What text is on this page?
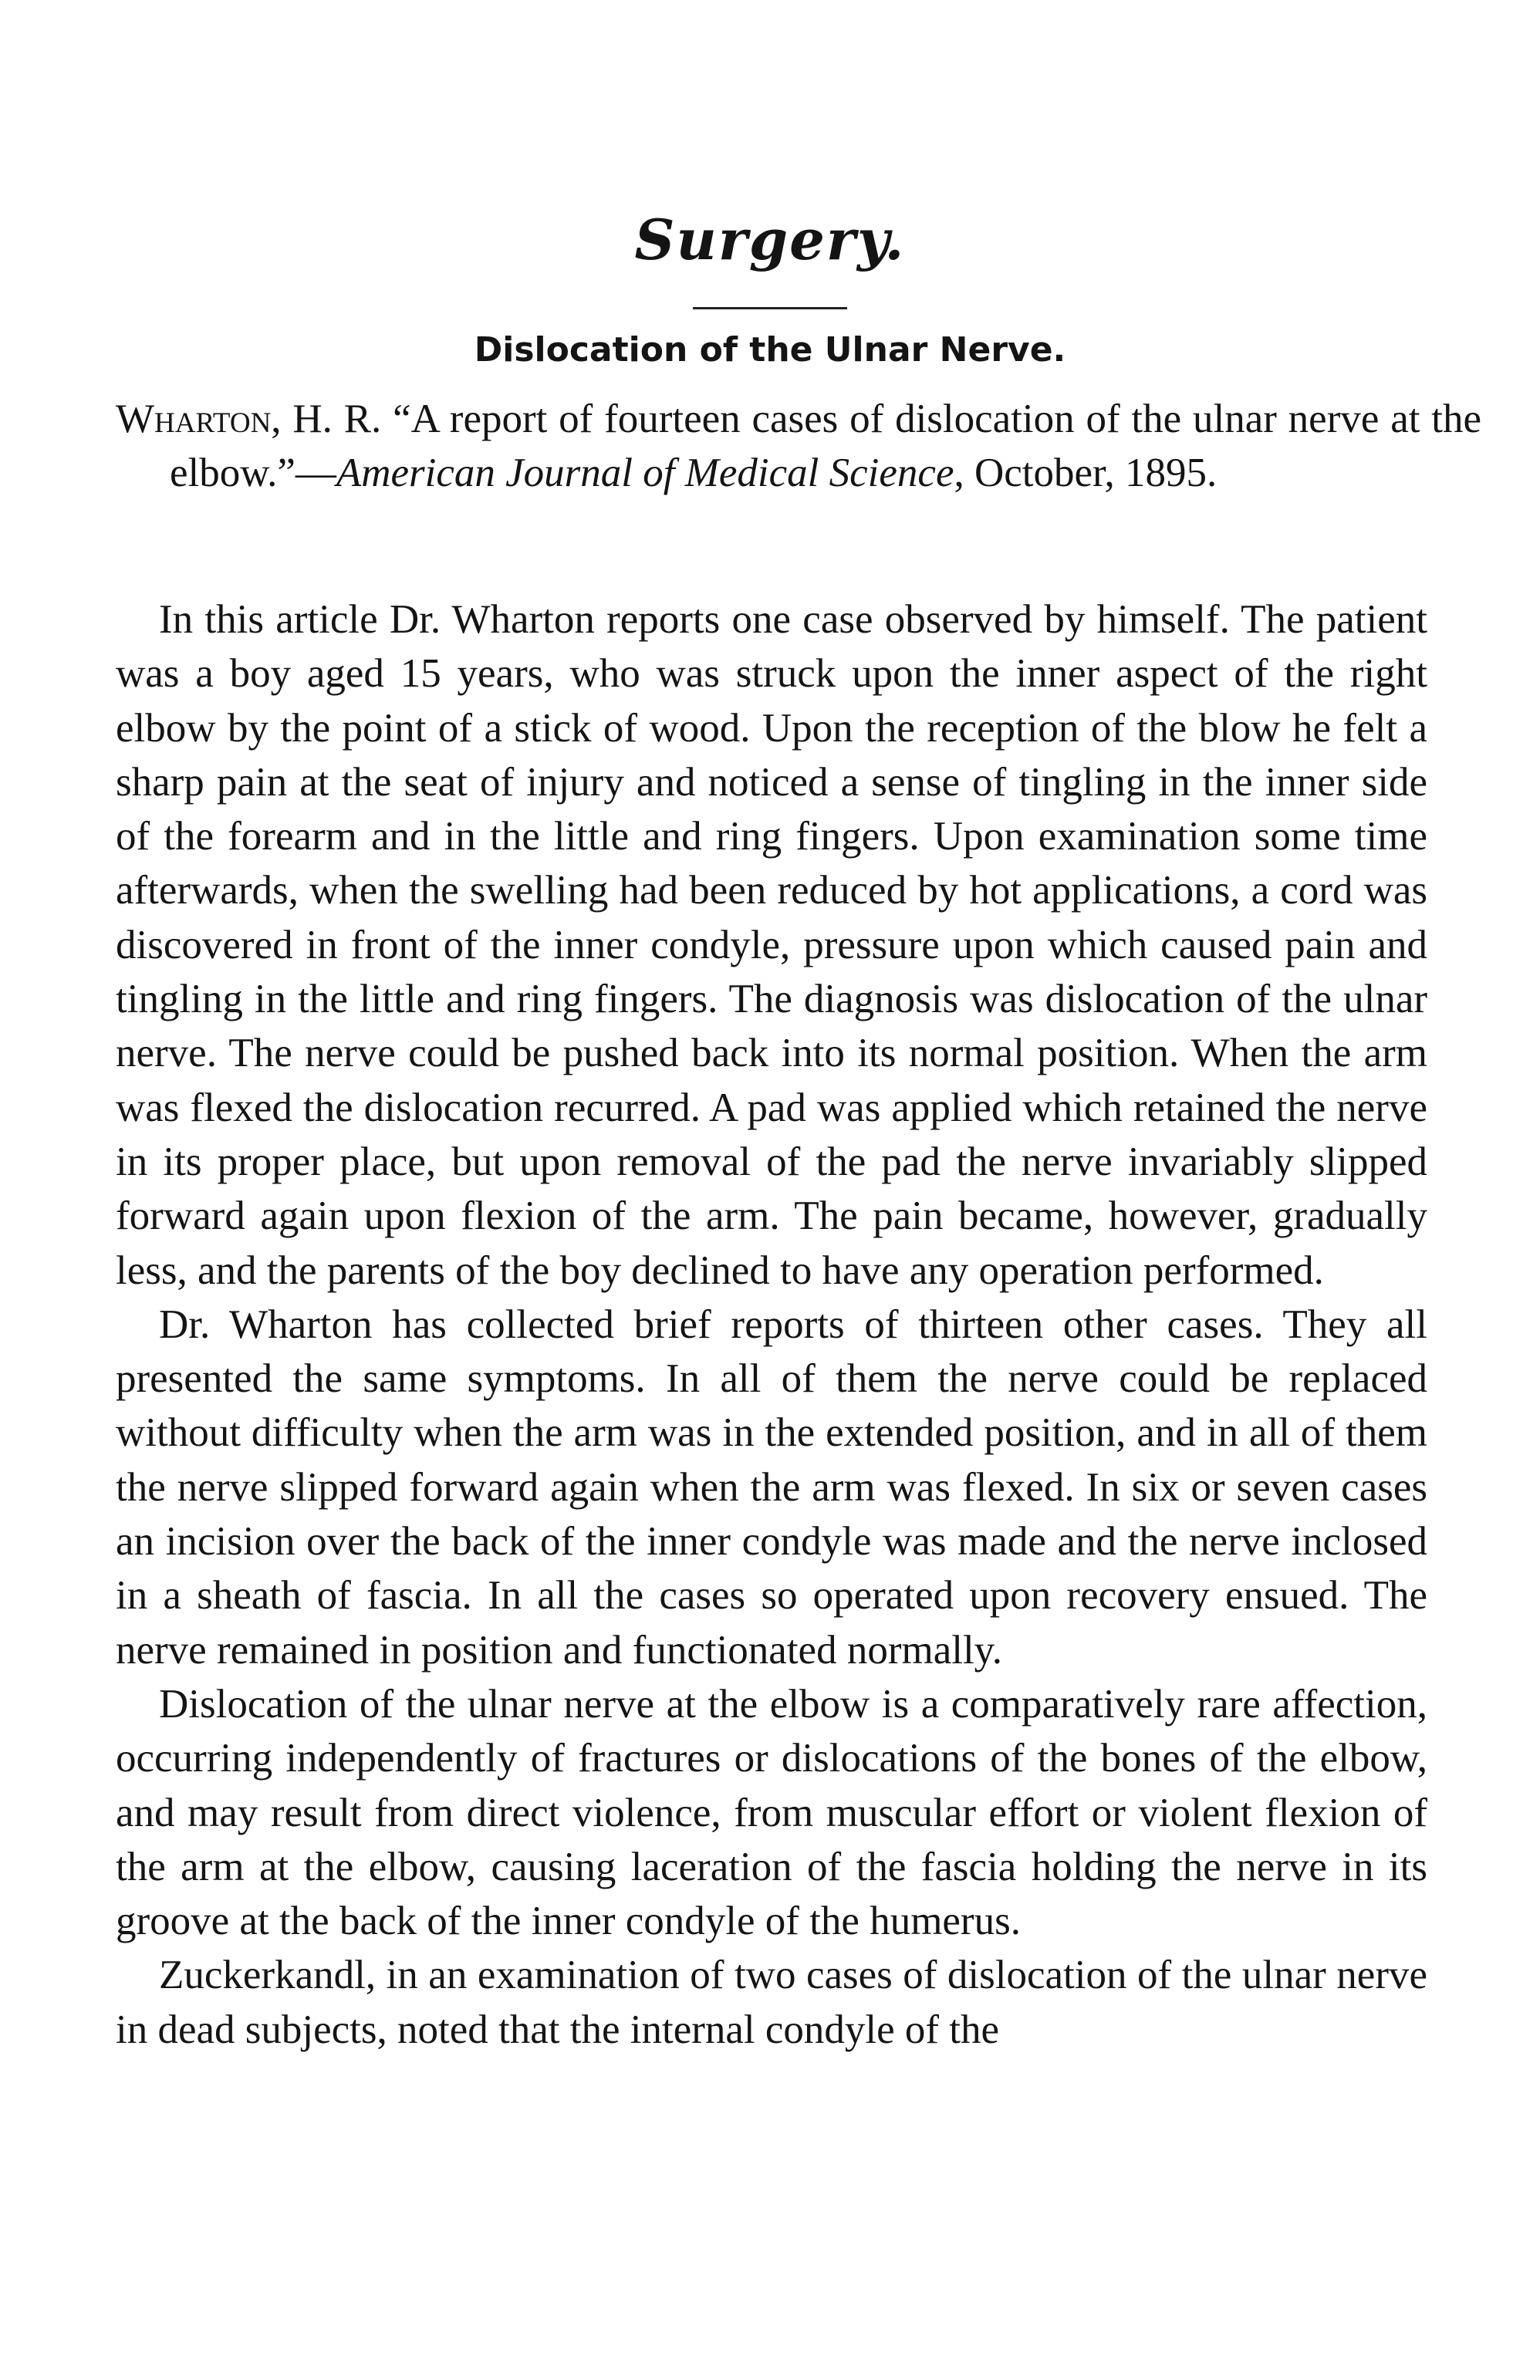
Surgery.
Dislocation of the Ulnar Nerve.

Wharton, H. R. “A report of fourteen cases of dislocation of the ulnar nerve at the elbow.”—American Journal of Medical Science, October, 1895.

In this article Dr. Wharton reports one case observed by himself. The patient was a boy aged 15 years, who was struck upon the inner aspect of the right elbow by the point of a stick of wood. Upon the reception of the blow he felt a sharp pain at the seat of injury and noticed a sense of tingling in the inner side of the forearm and in the little and ring fingers. Upon examination some time afterwards, when the swelling had been reduced by hot applications, a cord was discovered in front of the inner condyle, pressure upon which caused pain and tingling in the little and ring fingers. The diagnosis was dislocation of the ulnar nerve. The nerve could be pushed back into its normal position. When the arm was flexed the dislocation recurred. A pad was applied which retained the nerve in its proper place, but upon removal of the pad the nerve invariably slipped forward again upon flexion of the arm. The pain became, however, gradually less, and the parents of the boy declined to have any operation performed.

Dr. Wharton has collected brief reports of thirteen other cases. They all presented the same symptoms. In all of them the nerve could be replaced without difficulty when the arm was in the extended position, and in all of them the nerve slipped forward again when the arm was flexed. In six or seven cases an incision over the back of the inner condyle was made and the nerve inclosed in a sheath of fascia. In all the cases so operated upon recovery ensued. The nerve remained in position and functionated normally.

Dislocation of the ulnar nerve at the elbow is a comparatively rare affection, occurring independently of fractures or dislocations of the bones of the elbow, and may result from direct violence, from muscular effort or violent flexion of the arm at the elbow, causing laceration of the fascia holding the nerve in its groove at the back of the inner condyle of the humerus.

Zuckerkandl, in an examination of two cases of dislocation of the ulnar nerve in dead subjects, noted that the internal condyle of the
